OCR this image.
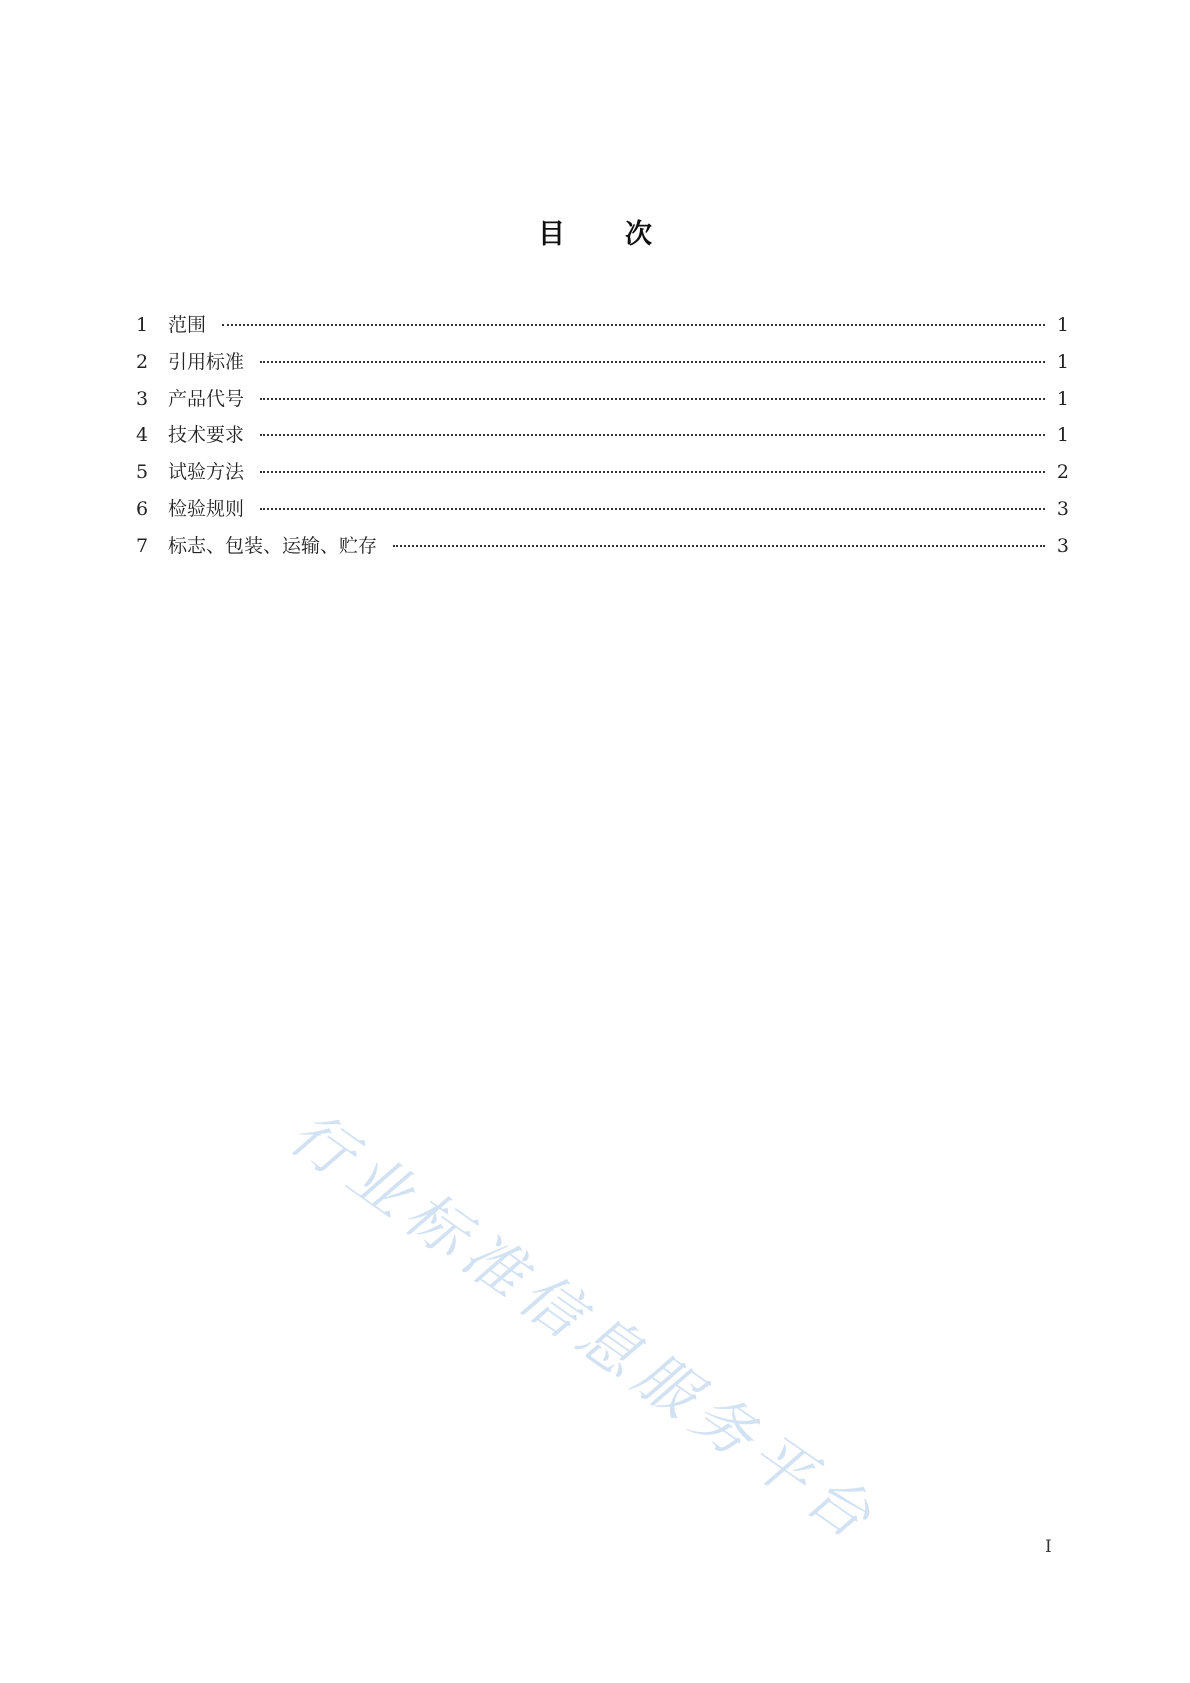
目次
1	范围	1
2	引用标准	1
3	产品代号	1
4	技术要求	1
5	试验方法	2
6	检验规则	3
7	标志、包装、运输、贮存	3
行业标准信息服务平台	I
